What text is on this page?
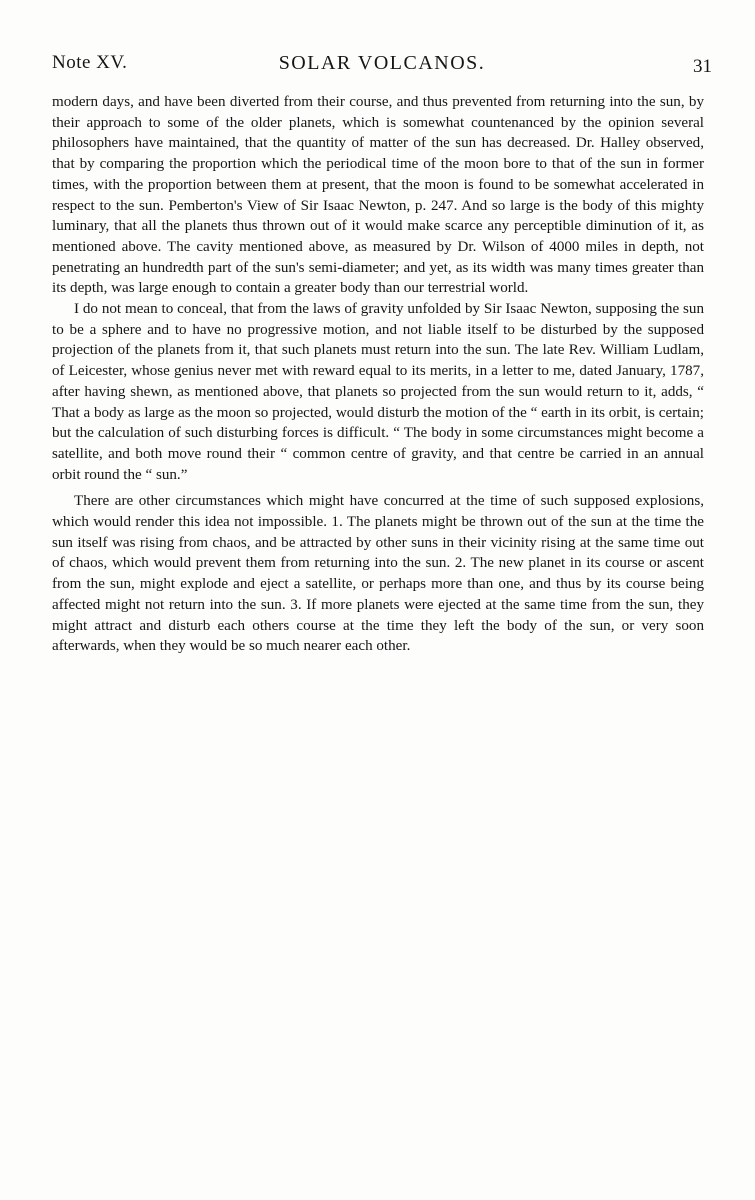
Note XV.	SOLAR VOLCANOS.	31

modern days, and have been diverted from their course, and thus prevented from returning into the sun, by their approach to some of the older planets, which is somewhat countenanced by the opinion several philosophers have maintained, that the quantity of matter of the sun has decreased. Dr. Halley observed, that by comparing the proportion which the periodical time of the moon bore to that of the sun in former times, with the proportion between them at present, that the moon is found to be somewhat accelerated in respect to the sun. Pemberton's View of Sir Isaac Newton, p. 247. And so large is the body of this mighty luminary, that all the planets thus thrown out of it would make scarce any perceptible diminution of it, as mentioned above. The cavity mentioned above, as measured by Dr. Wilson of 4000 miles in depth, not penetrating an hundredth part of the sun's semi-diameter; and yet, as its width was many times greater than its depth, was large enough to contain a greater body than our terrestrial world.

I do not mean to conceal, that from the laws of gravity unfolded by Sir Isaac Newton, supposing the sun to be a sphere and to have no progressive motion, and not liable itself to be disturbed by the supposed projection of the planets from it, that such planets must return into the sun. The late Rev. William Ludlam, of Leicester, whose genius never met with reward equal to its merits, in a letter to me, dated January, 1787, after having shewn, as mentioned above, that planets so projected from the sun would return to it, adds, “ That a body as large as the moon so projected, would disturb the motion of the “ earth in its orbit, is certain; but the calculation of such disturbing forces is difficult. “ The body in some circumstances might become a satellite, and both move round their “ common centre of gravity, and that centre be carried in an annual orbit round the “ sun.”

There are other circumstances which might have concurred at the time of such supposed explosions, which would render this idea not impossible. 1. The planets might be thrown out of the sun at the time the sun itself was rising from chaos, and be attracted by other suns in their vicinity rising at the same time out of chaos, which would prevent them from returning into the sun. 2. The new planet in its course or ascent from the sun, might explode and eject a satellite, or perhaps more than one, and thus by its course being affected might not return into the sun. 3. If more planets were ejected at the same time from the sun, they might attract and disturb each others course at the time they left the body of the sun, or very soon afterwards, when they would be so much nearer each other.
